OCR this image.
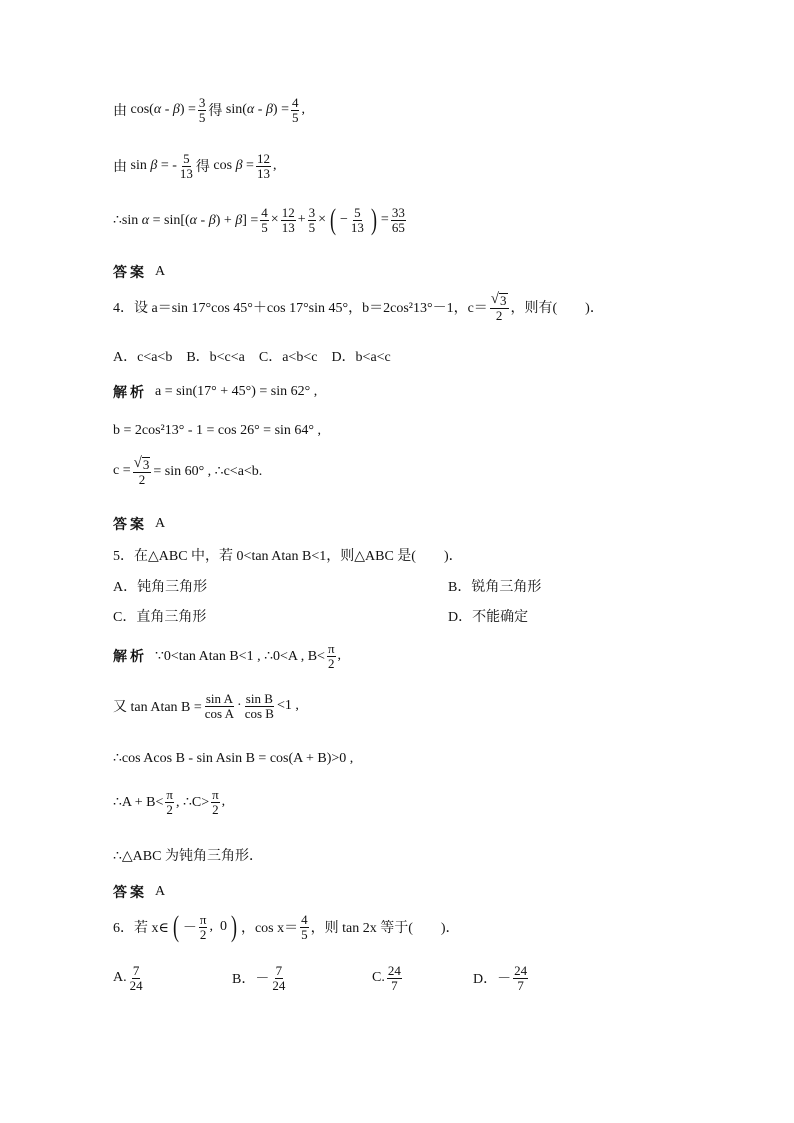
由 $\cos(\alpha - \beta) = \frac{3}{5}$ 得 $\sin(\alpha - \beta) = \frac{4}{5}$ ,
由 sin β = - $\frac{5}{13}$ 得 $\cos \beta = \frac{12}{13}$ ,
∴sin $\alpha = \sin[(\alpha - \beta) + \beta] = \frac{4}{5} \times \frac{12}{13} + \frac{3}{5}$ × ( − $\frac{5}{13}$ ) = $\frac{33}{65}$
答案 A
4．设 a＝sin 17°cos 45°＋cos 17°sin 45°，b＝2cos²13°－1，$c= \frac{√ 3}{2}$ ，则有(　　)．
A．c<a<b　B．b<c<a　C．a<b<c　D．b<a<c
解析 a = sin(17° + 45°) = sin 62° ,
b = 2cos²13° - 1 = cos 26° = sin 64° ,
$c = \frac{√ 3}{2} = \sin 60^\circ$ , ∴c<a<b.
答案 A
5．在△ABC 中，若 0<tan Atan B<1，则△ABC 是(　　)．
A．钝角三角形	B．锐角三角形
C．直角三角形	D．不能确定
解析 ∵0<tan Atan B<1 , ∴0<A , $B< \frac{\pi}{2}$ ,
又 tan Atan $B = \frac{\text{sin A}}{\text{cos A}} \cdot \frac{\text{sin B}}{\text{cos B}} <1$ ,
∴cos Acos B - sin Asin B = cos(A + B)>0 ,
∴A + $B< \frac{\pi}{2}$ , ∴C> $\frac{\pi}{2}$ ,
∴△ABC 为钝角三角形．
答案 A
6．若 x∈ ( － $\frac{\pi}{2}$ , 0 ) ，$\cos x= \frac{4}{5}$ ，则 tan 2x 等于(　　)．
A. $\frac{7}{24}$	B．－ $\frac{7}{24}$	C. $\frac{24}{7}$	D．－ $\frac{24}{7}$
